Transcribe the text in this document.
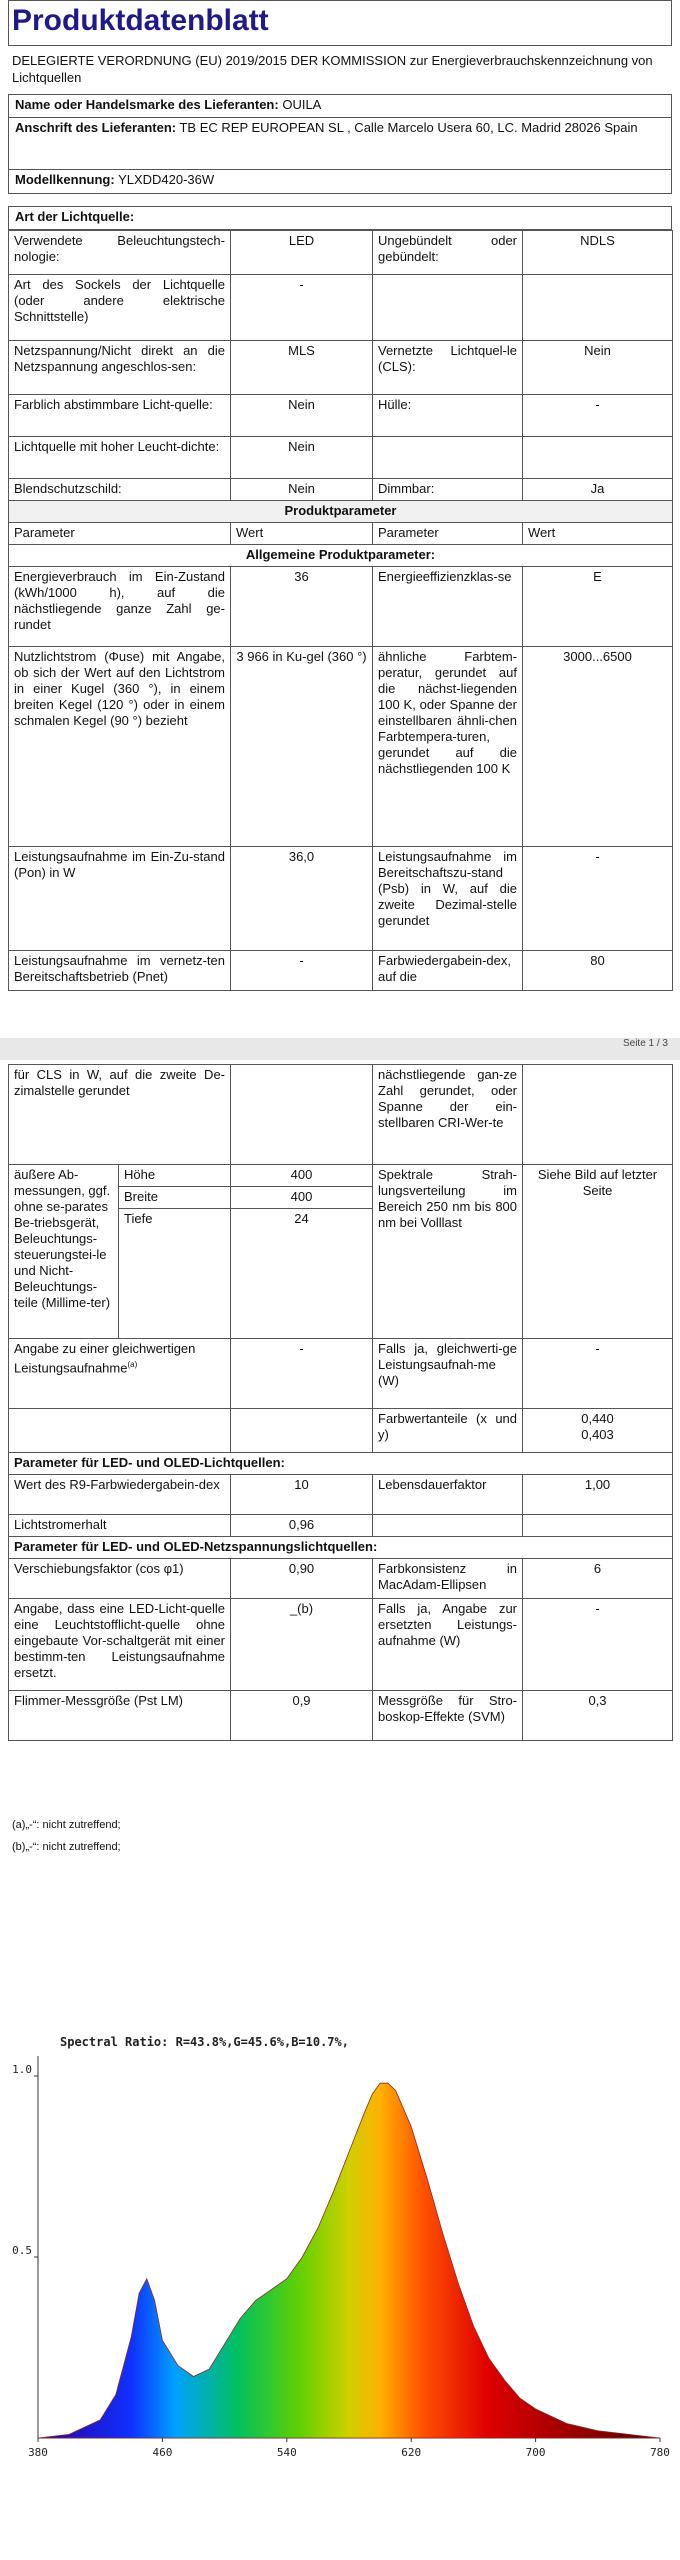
Produktdatenblatt
DELEGIERTE VERORDNUNG (EU) 2019/2015 DER KOMMISSION zur Energieverbrauchskennzeichnung von Lichtquellen
Name oder Handelsmarke des Lieferanten: OUILA
Anschrift des Lieferanten: TB EC REP EUROPEAN SL , Calle Marcelo Usera 60, LC. Madrid 28026 Spain
Modellkennung: YLXDD420-36W
Art der Lichtquelle:
Verwendete Beleuchtungstech-nologie:	LED	Ungebündelt oder gebündelt:	NDLS
Art des Sockels der Lichtquelle (oder andere elektrische Schnittstelle)	-		
Netzspannung/Nicht direkt an die Netzspannung angeschlos-sen:	MLS	Vernetzte Lichtquel-le (CLS):	Nein
Farblich abstimmbare Licht-quelle:	Nein	Hülle:	-
Lichtquelle mit hoher Leucht-dichte:	Nein		
Blendschutzschild:	Nein	Dimmbar:	Ja
Produktparameter			
Parameter	Wert	Parameter	Wert
Allgemeine Produktparameter:			
Energieverbrauch im Ein-Zustand (kWh/1000 h), auf die nächstliegende ganze Zahl ge-rundet	36	Energieeffizienzklas-se	E
Nutzlichtstrom (Φuse) mit Angabe, ob sich der Wert auf den Lichtstrom in einer Kugel (360 °), in einem breiten Kegel (120 °) oder in einem schmalen Kegel (90 °) bezieht	3 966 in Ku-gel (360 °)	ähnliche Farbtem-peratur, gerundet auf die nächst-liegenden 100 K, oder Spanne der einstellbaren ähnli-chen Farbtempera-turen, gerundet auf die nächstliegenden 100 K	3000...6500
Leistungsaufnahme im Ein-Zu-stand (Pon) in W	36,0	Leistungsaufnahme im Bereitschaftszu-stand (Psb) in W, auf die zweite Dezimal-stelle gerundet	-
Leistungsaufnahme im vernetz-ten Bereitschaftsbetrieb (Pnet)	-	Farbwiedergabein-dex, auf die	80
Seite 1 / 3
für CLS in W, auf die zweite De-zimalstelle gerundet			nächstliegende gan-ze Zahl gerundet, oder Spanne der ein-stellbaren CRI-Wer-te	
äußere Ab-messungen, ggf. ohne se-parates Be-triebsgerät, Beleuchtungs-steuerungstei-le und Nicht-Beleuchtungs-teile (Millime-ter)	Höhe	400	Spektrale Strah-lungsverteilung im Bereich 250 nm bis 800 nm bei Volllast	Siehe Bild auf letzter Seite
	Breite	400		
	Tiefe	24		
Angabe zu einer gleichwertigen Leistungsaufnahme$^{(a)}$		-	Falls ja, gleichwerti-ge Leistungsaufnah-me (W)	-
			Farbwertanteile (x und y)	0,440
0,403

Parameter für LED- und OLED-Lichtquellen:				
Wert des R9-Farbwiedergabein-dex		10	Lebensdauerfaktor	1,00
Lichtstromerhalt		0,96		
Parameter für LED- und OLED-Netzspannungslichtquellen:				
Verschiebungsfaktor (cos φ1)		0,90	Farbkonsistenz in MacAdam-Ellipsen	6
Angabe, dass eine LED-Licht-quelle eine Leuchtstofflicht-quelle ohne eingebaute Vor-schaltgerät mit einer bestimm-ten Leistungsaufnahme ersetzt.		_(b)	Falls ja, Angabe zur ersetzten Leistungs-aufnahme (W)	-
Flimmer-Messgröße (Pst LM)		0,9	Messgröße für Stro-boskop-Effekte (SVM)	0,3
(a)„-“: nicht zutreffend;
(b)„-“: nicht zutreffend;
Spectral Ratio: R=43.8%,G=45.6%,B=10.7%,
380	460	540	620	700	780
1.0
0.5
